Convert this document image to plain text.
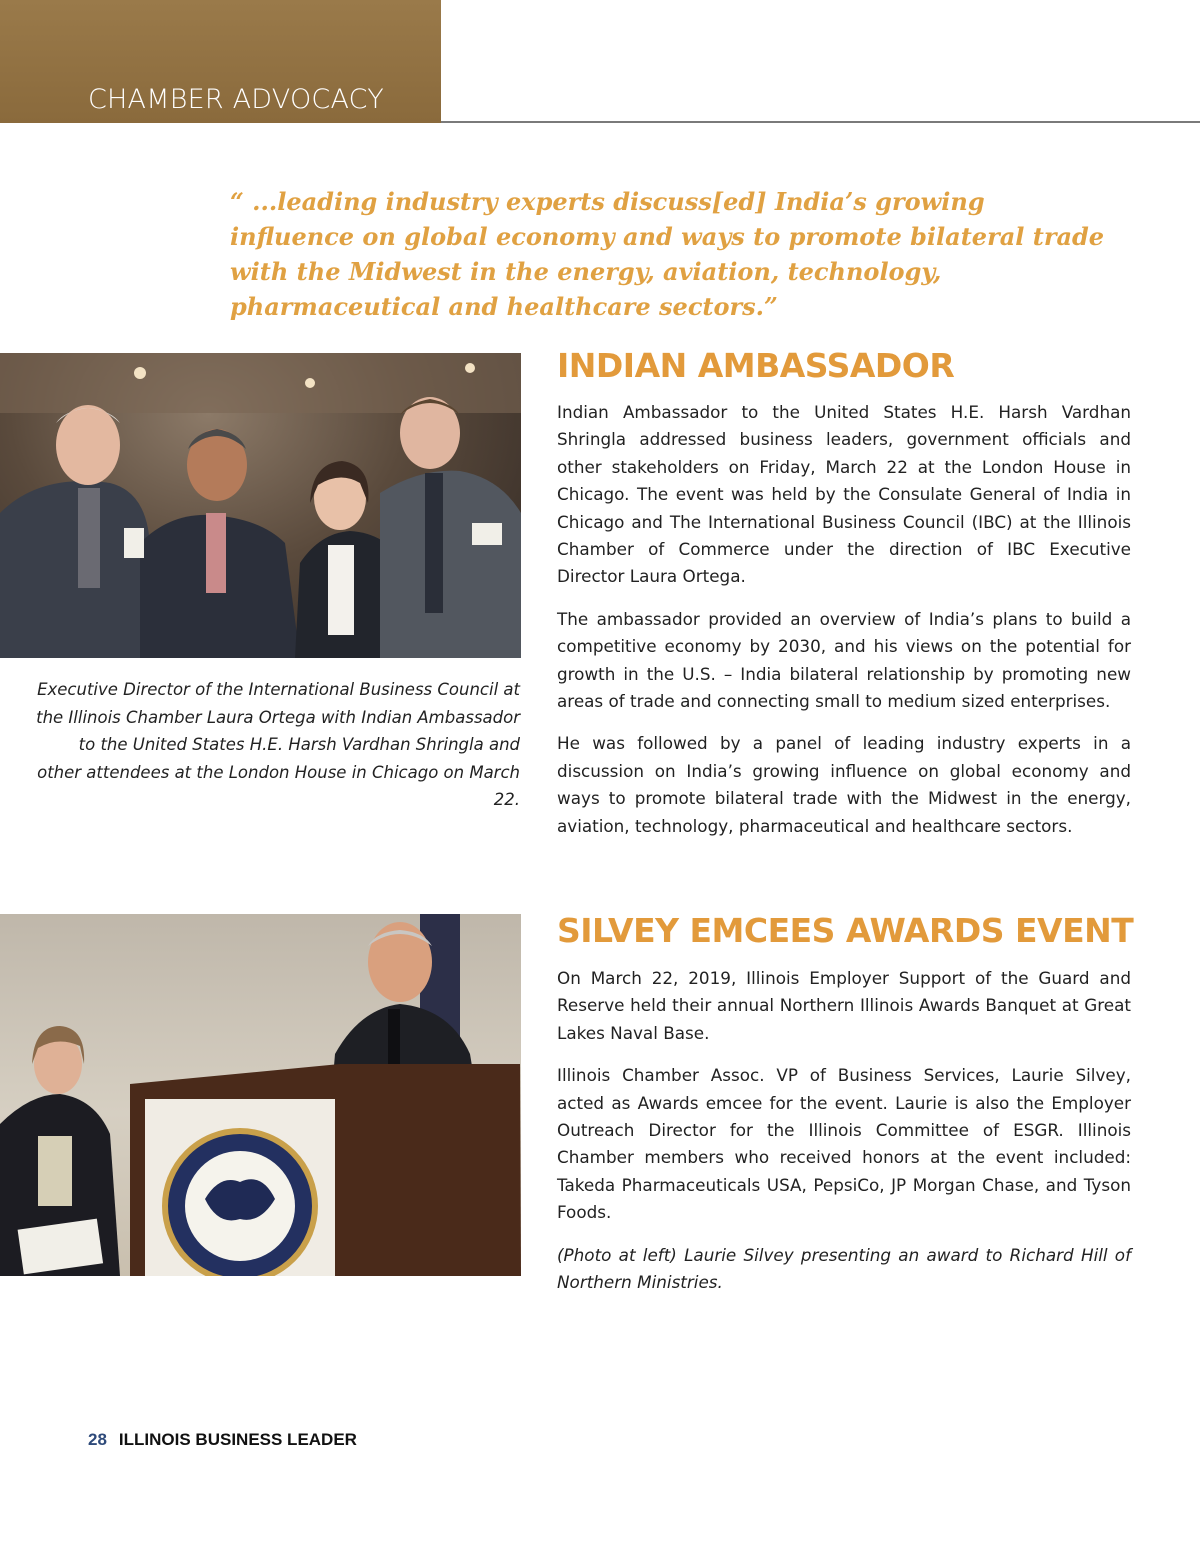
CHAMBER ADVOCACY

“ ...leading industry experts discuss[ed] India’s growing influence on global economy and ways to promote bilateral trade with the Midwest in the energy, aviation, technology, pharmaceutical and healthcare sectors.”

Executive Director of the International Business Council at the Illinois Chamber Laura Ortega with Indian Ambassador to the United States H.E. Harsh Vardhan Shringla and other attendees at the London House in Chicago on March 22.

INDIAN AMBASSADOR

Indian Ambassador to the United States H.E. Harsh Vardhan Shringla addressed business leaders, government officials and other stakeholders on Friday, March 22 at the London House in Chicago. The event was held by the Consulate General of India in Chicago and The International Business Council (IBC) at the Illinois Chamber of Commerce under the direction of IBC Executive Director Laura Ortega.

The ambassador provided an overview of India’s plans to build a competitive economy by 2030, and his views on the potential for growth in the U.S. – India bilateral relationship by promoting new areas of trade and connecting small to medium sized enterprises.

He was followed by a panel of leading industry experts in a discussion on India’s growing influence on global economy and ways to promote bilateral trade with the Midwest in the energy, aviation, technology, pharmaceutical and healthcare sectors.

SILVEY EMCEES AWARDS EVENT

On March 22, 2019, Illinois Employer Support of the Guard and Reserve held their annual Northern Illinois Awards Banquet at Great Lakes Naval Base.

Illinois Chamber Assoc. VP of Business Services, Laurie Silvey, acted as Awards emcee for the event. Laurie is also the Employer Outreach Director for the Illinois Committee of ESGR. Illinois Chamber members who received honors at the event included: Takeda Pharmaceuticals USA, PepsiCo, JP Morgan Chase, and Tyson Foods.

(Photo at left) Laurie Silvey presenting an award to Richard Hill of Northern Ministries.

28 ILLINOIS BUSINESS LEADER
